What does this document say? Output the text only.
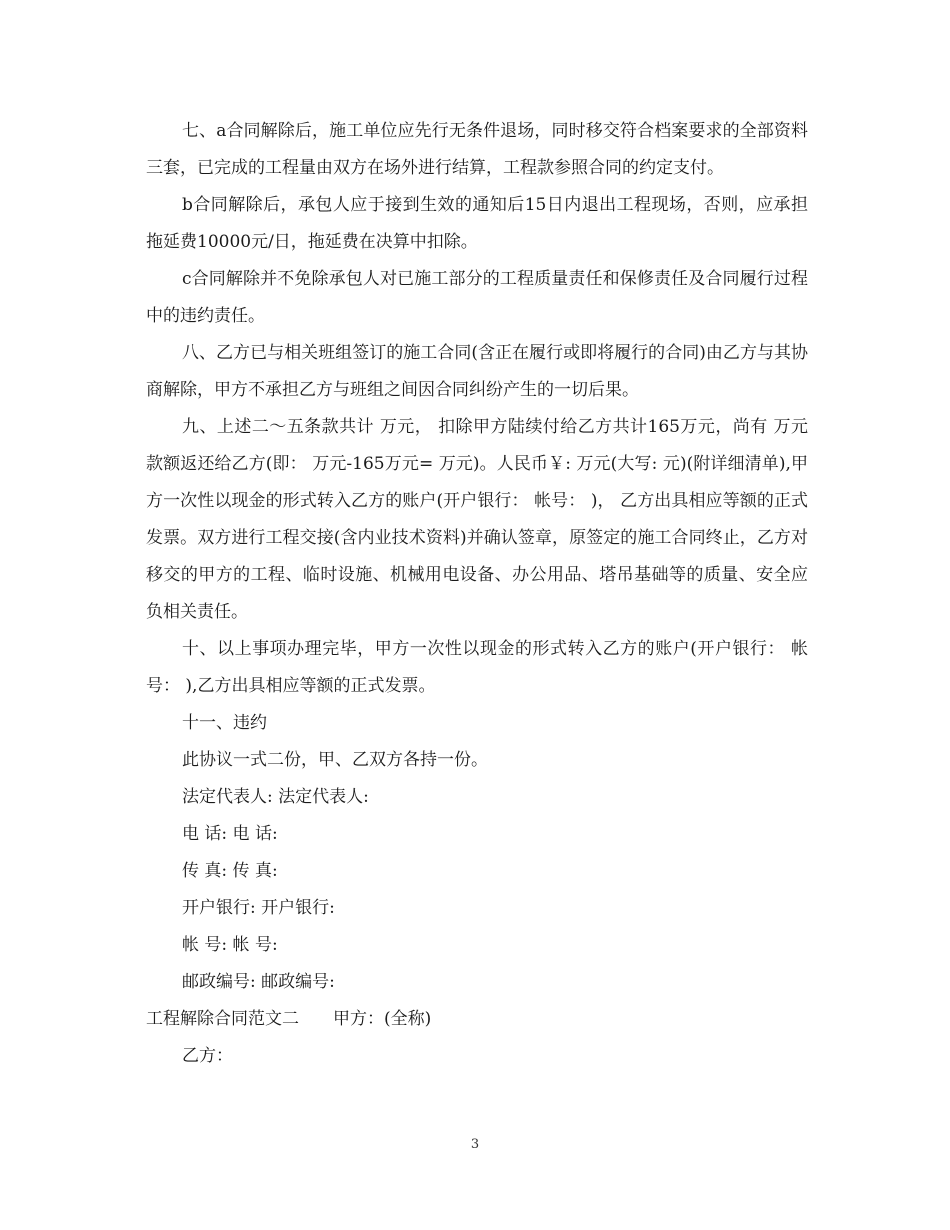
七、a合同解除后，施工单位应先行无条件退场，同时移交符合档案要求的全部资料三套，已完成的工程量由双方在场外进行结算，工程款参照合同的约定支付。

b合同解除后，承包人应于接到生效的通知后15日内退出工程现场，否则，应承担拖延费10000元/日，拖延费在决算中扣除。

c合同解除并不免除承包人对已施工部分的工程质量责任和保修责任及合同履行过程中的违约责任。

八、乙方已与相关班组签订的施工合同(含正在履行或即将履行的合同)由乙方与其协商解除，甲方不承担乙方与班组之间因合同纠纷产生的一切后果。

九、上述二～五条款共计 万元， 扣除甲方陆续付给乙方共计165万元，尚有 万元款额返还给乙方(即： 万元-165万元= 万元)。人民币￥: 万元(大写: 元)(附详细清单),甲方一次性以现金的形式转入乙方的账户(开户银行： 帐号： )， 乙方出具相应等额的正式发票。双方进行工程交接(含内业技术资料)并确认签章，原签定的施工合同终止，乙方对移交的甲方的工程、临时设施、机械用电设备、办公用品、塔吊基础等的质量、安全应负相关责任。

十、以上事项办理完毕，甲方一次性以现金的形式转入乙方的账户(开户银行： 帐号： ),乙方出具相应等额的正式发票。

十一、违约

此协议一式二份，甲、乙双方各持一份。

法定代表人: 法定代表人:

电 话: 电 话:

传 真: 传 真:

开户银行: 开户银行:

帐 号: 帐 号:

邮政编号: 邮政编号:

工程解除合同范文二　　甲方：(全称)

乙方：

3
